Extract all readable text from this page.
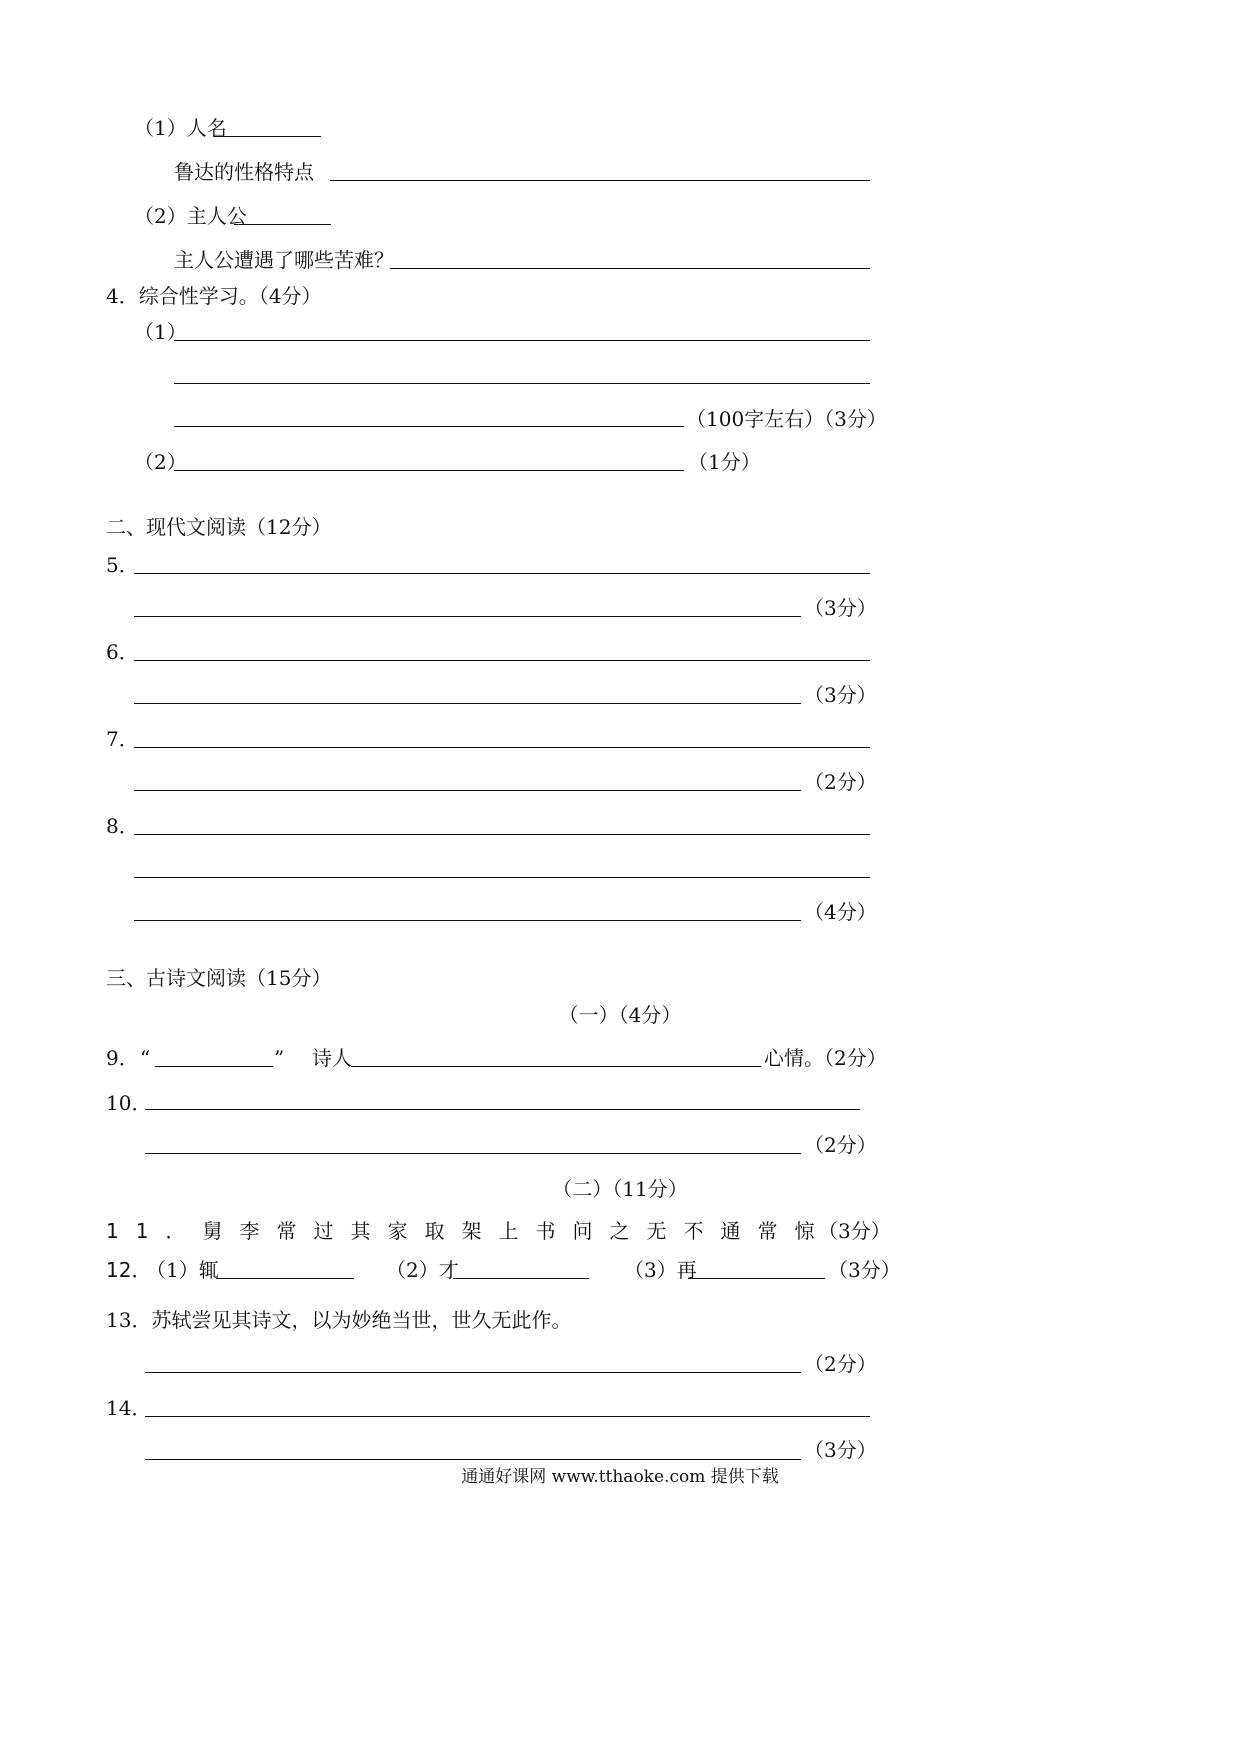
（1）人名
鲁达的性格特点
（2）主人公
主人公遭遇了哪些苦难？
4．综合性学习。（4分）
（1）
（100字左右）（3分）
（2）	（1分）
二、现代文阅读（12分）
5．
（3分）
6．
（3分）
7．
（2分）
8．
（4分）
三、古诗文阅读（15分）
（一）（4分）
9． “	” 诗人	心情。（2分）
10．
（2分）
（二）（11分）
11．舅李常过其家取架上书问之无不通常惊
（3分）
12．
（1）辄	（2）才	（3）再	（3分）
13．苏轼尝见其诗文，以为妙绝当世，世久无此作。
（2分）
14．
（3分）
通通好课网 www.tthaoke.com 提供下载
